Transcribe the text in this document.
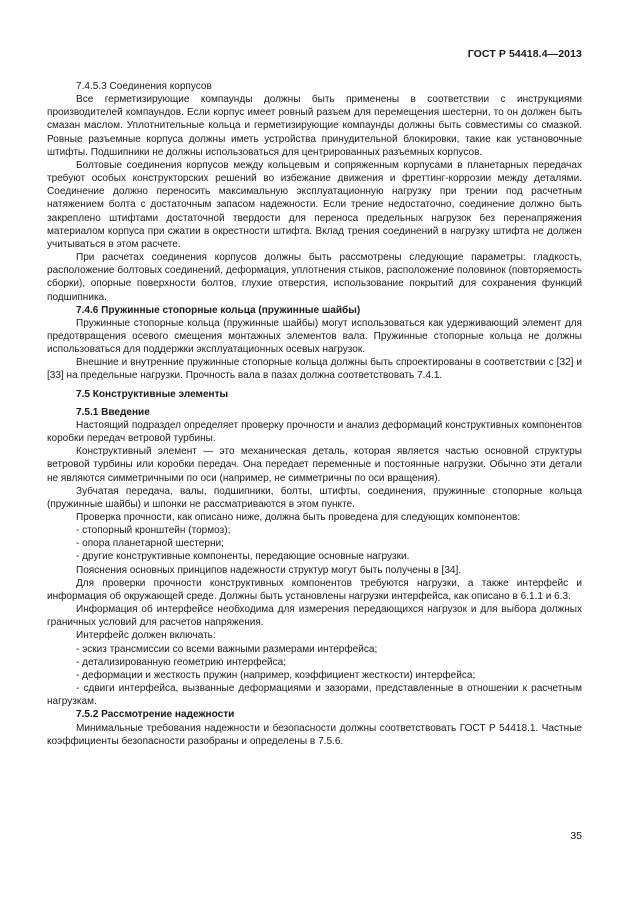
ГОСТ Р 54418.4—2013
7.4.5.3 Соединения корпусов

Все герметизирующие компаунды должны быть применены в соответствии с инструкциями производителей компаундов. Если корпус имеет ровный разъем для перемещения шестерни, то он должен быть смазан маслом. Уплотнительные кольца и герметизирующие компаунды должны быть совместимы со смазкой. Ровные разъемные корпуса должны иметь устройства принудительной блокировки, такие как установочные штифты. Подшипники не должны использоваться для центрированных разъемных корпусов.

Болтовые соединения корпусов между кольцевым и сопряженным корпусами в планетарных передачах требуют особых конструкторских решений во избежание движения и фреттинг-коррозии между деталями. Соединение должно переносить максимальную эксплуатационную нагрузку при трении под расчетным натяжением болта с достаточным запасом надежности. Если трение недостаточно, соединение должно быть закреплено штифтами достаточной твердости для переноса предельных нагрузок без перенапряжения материалом корпуса при сжатии в окрестности штифта. Вклад трения соединений в нагрузку штифта не должен учитываться в этом расчете.

При расчетах соединения корпусов должны быть рассмотрены следующие параметры: гладкость, расположение болтовых соединений, деформация, уплотнения стыков, расположение половинок (повторяемость сборки), опорные поверхности болтов, глухие отверстия, использование покрытий для сохранения функций подшипника.

7.4.6 Пружинные стопорные кольца (пружинные шайбы)

Пружинные стопорные кольца (пружинные шайбы) могут использоваться как удерживающий элемент для предотвращения осевого смещения монтажных элементов вала. Пружинные стопорные кольца не должны использоваться для поддержки эксплуатационных осевых нагрузок.

Внешние и внутренние пружинные стопорные кольца должны быть спроектированы в соответствии с [32] и [33] на предельные нагрузки. Прочность вала в пазах должна соответствовать 7.4.1.

7.5 Конструктивные элементы
7.5.1 Введение

Настоящий подраздел определяет проверку прочности и анализ деформаций конструктивных компонентов коробки передач ветровой турбины.

Конструктивный элемент — это механическая деталь, которая является частью основной структуры ветровой турбины или коробки передач. Она передает переменные и постоянные нагрузки. Обычно эти детали не являются симметричными по оси (например, не симметричны по оси вращения).

Зубчатая передача, валы, подшипники, болты, штифты, соединения, пружинные стопорные кольца (пружинные шайбы) и шпонки не рассматриваются в этом пункте.

Проверка прочности, как описано ниже, должна быть проведена для следующих компонентов:

- стопорный кронштейн (тормоз);
- опора планетарной шестерни;
- другие конструктивные компоненты, передающие основные нагрузки.

Пояснения основных принципов надежности структур могут быть получены в [34].

Для проверки прочности конструктивных компонентов требуются нагрузки, а также интерфейс и информация об окружающей среде. Должны быть установлены нагрузки интерфейса, как описано в 6.1.1 и 6.3.

Информация об интерфейсе необходима для измерения передающихся нагрузок и для выбора должных граничных условий для расчетов напряжения.

Интерфейс должен включать:

- эскиз трансмиссии со всеми важными размерами интерфейса;
- детализированную геометрию интерфейса;
- деформации и жесткость пружин (например, коэффициент жесткости) интерфейса;

- сдвиги интерфейса, вызванные деформациями и зазорами, представленные в отношении к расчетным нагрузкам.

7.5.2 Рассмотрение надежности

Минимальные требования надежности и безопасности должны соответствовать ГОСТ Р 54418.1. Частные коэффициенты безопасности разобраны и определены в 7.5.6.

35
